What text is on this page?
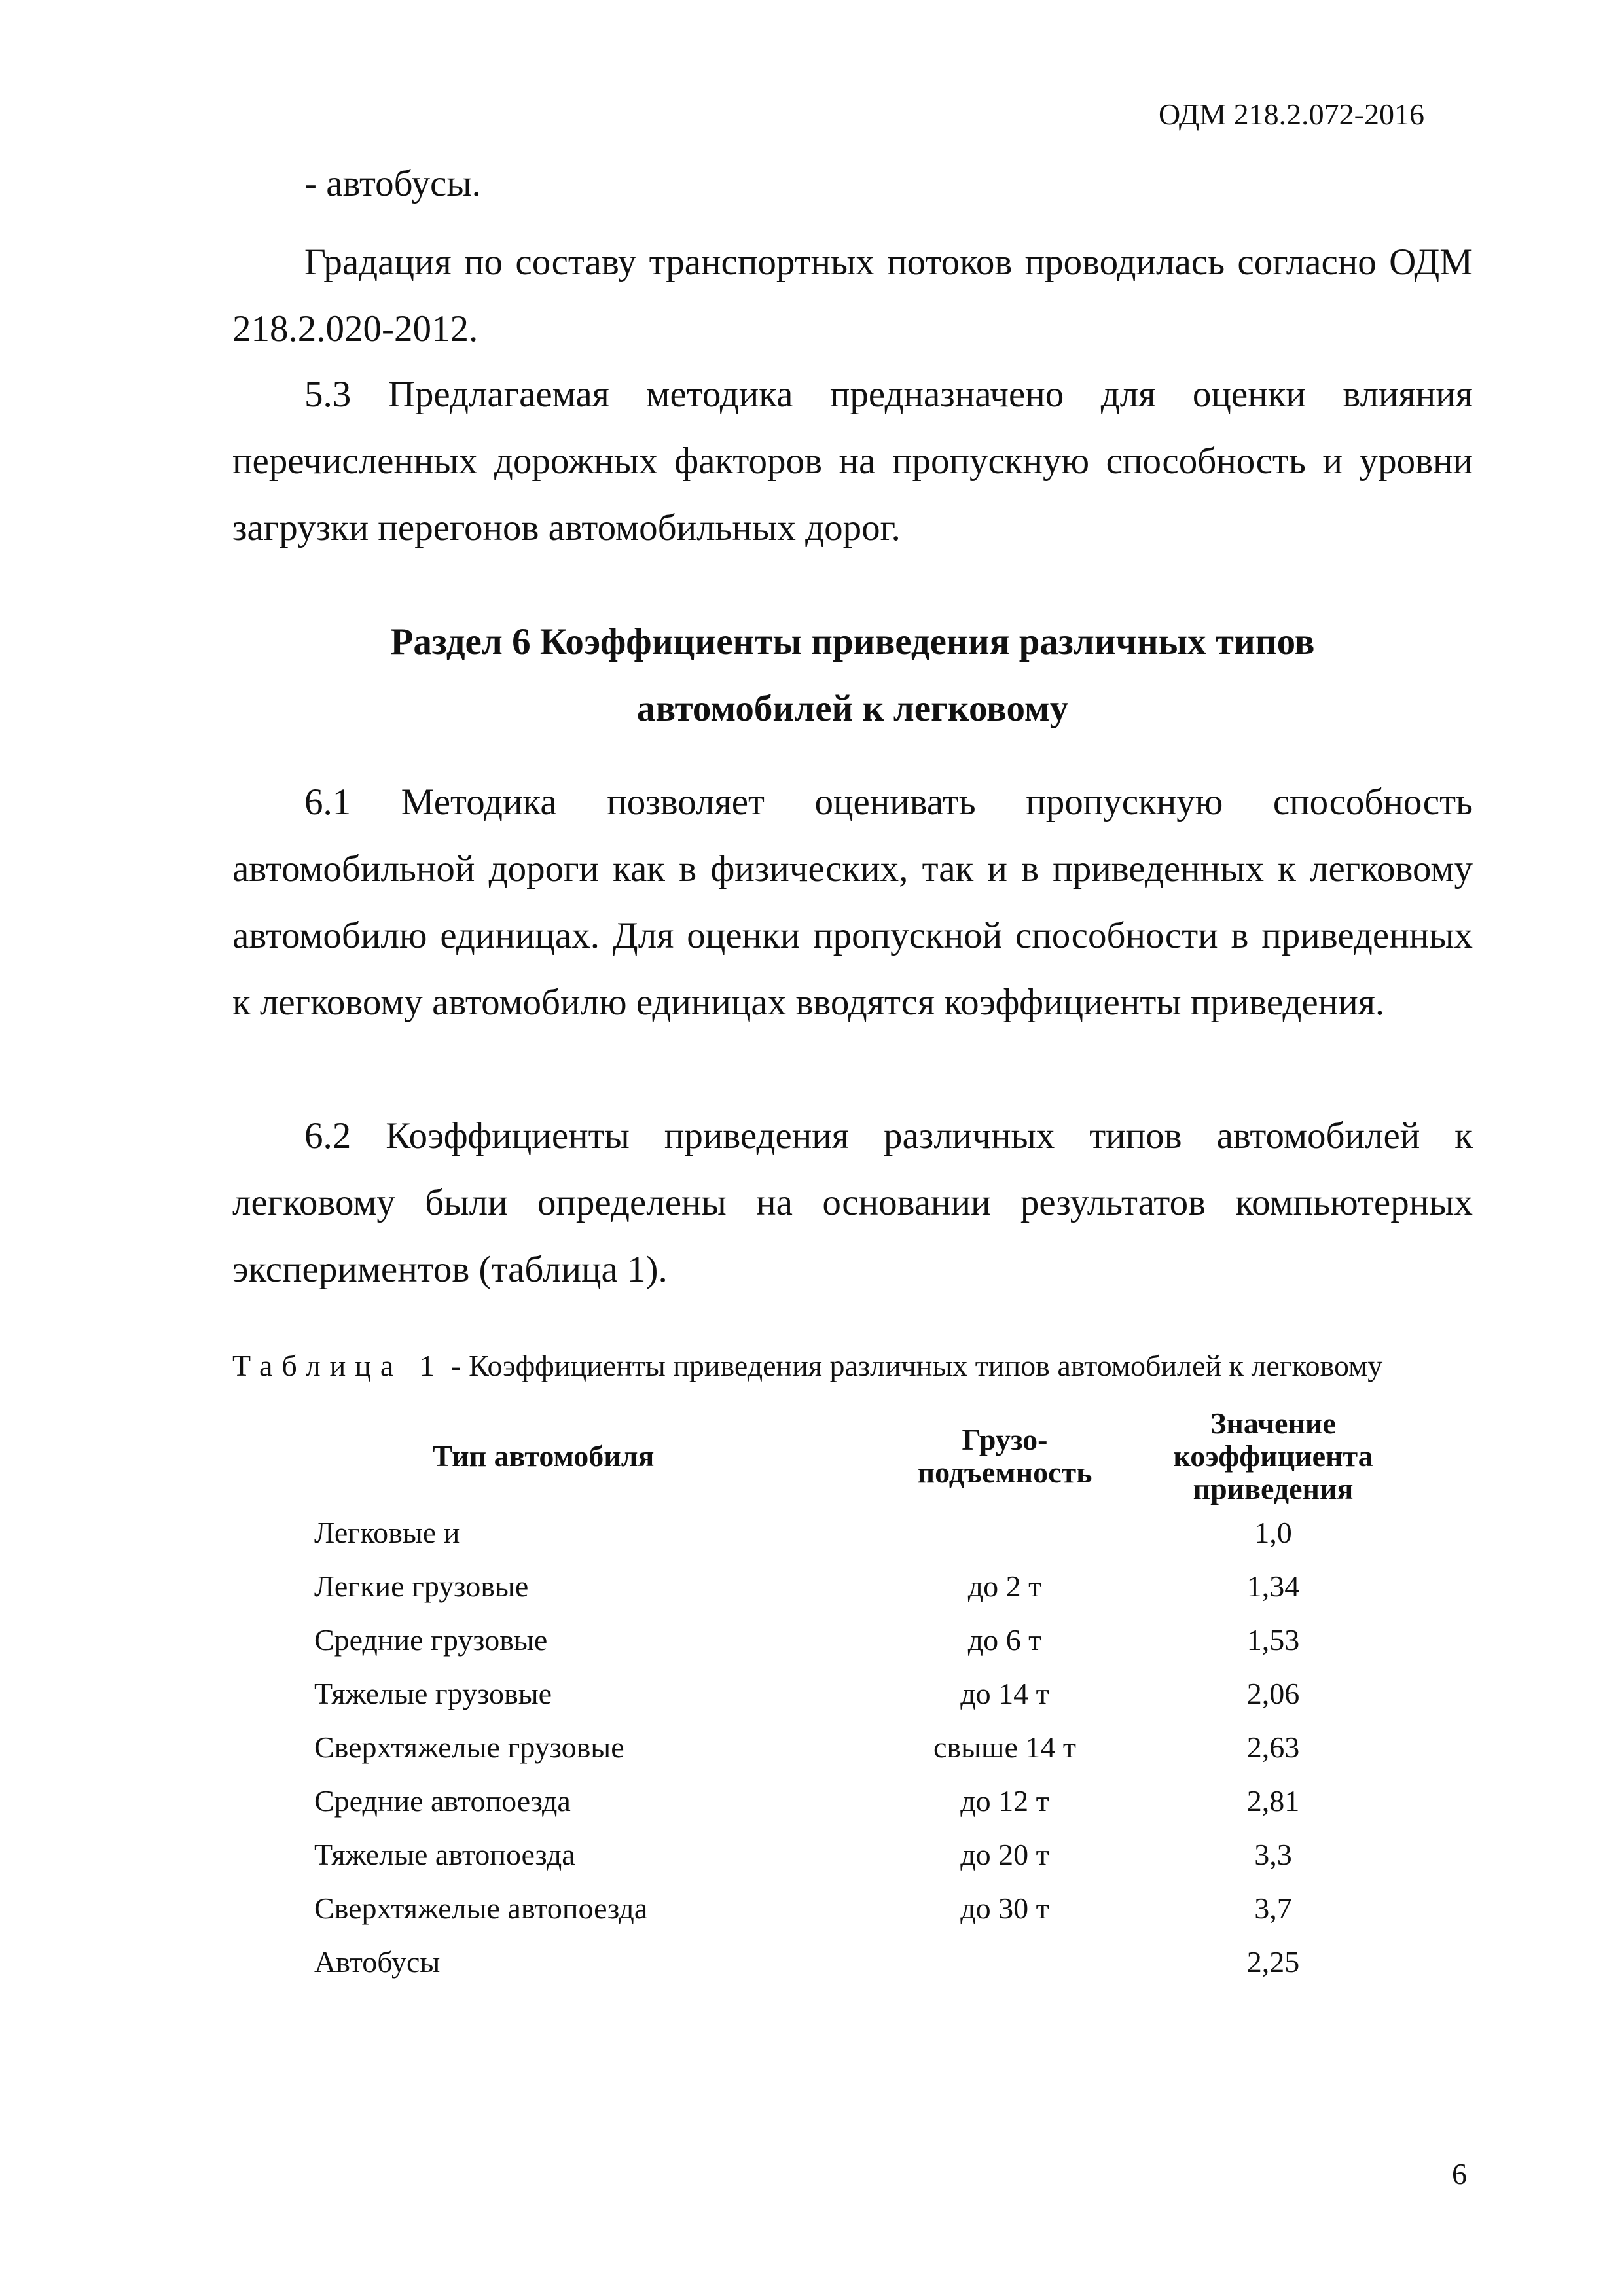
ОДМ 218.2.072-2016
- автобусы.

Градация по составу транспортных потоков проводилась согласно ОДМ 218.2.020-2012.

5.3 Предлагаемая методика предназначено для оценки влияния перечисленных дорожных факторов на пропускную способность и уровни загрузки перегонов автомобильных дорог.

Раздел 6 Коэффициенты приведения различных типов
автомобилей к легковому

6.1 Методика позволяет оценивать пропускную способность автомобильной дороги как в физических, так и в приведенных к легковому автомобилю единицах. Для оценки пропускной способности в приведенных к легковому автомобилю единицах вводятся коэффициенты приведения.

6.2 Коэффициенты приведения различных типов автомобилей к легковому были определены на основании результатов компьютерных экспериментов (таблица 1).

Таблица 1 - Коэффициенты приведения различных типов автомобилей к легковому
Тип автомобиля	Грузо-подъемность	Значение коэффициента приведения
Легковые и		1,0
Легкие грузовые	до 2 т	1,34
Средние грузовые	до 6 т	1,53
Тяжелые грузовые	до 14 т	2,06
Сверхтяжелые грузовые	свыше 14 т	2,63
Средние автопоезда	до 12 т	2,81
Тяжелые автопоезда	до 20 т	3,3
Сверхтяжелые автопоезда	до 30 т	3,7
Автобусы		2,25
6
